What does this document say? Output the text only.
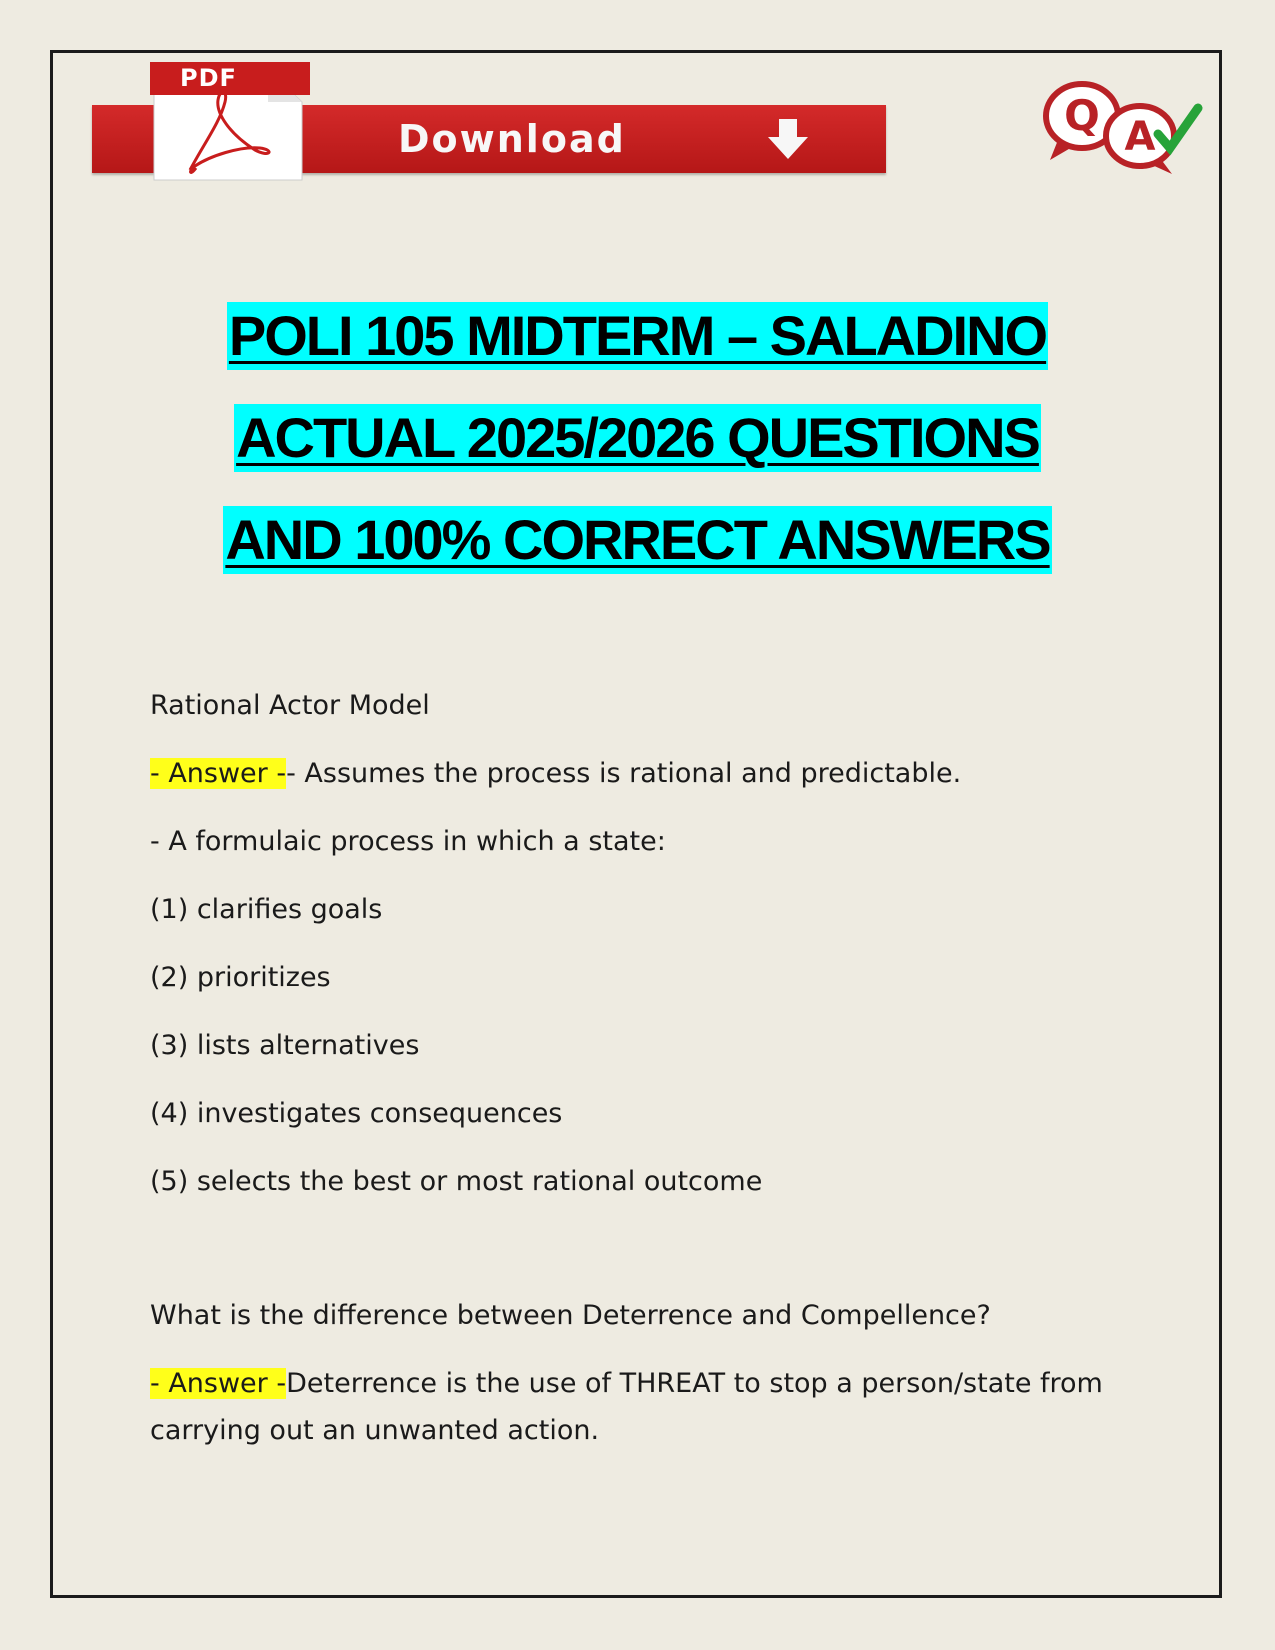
Download
PDF
Q A
POLI 105 MIDTERM – SALADINO
ACTUAL 2025/2026 QUESTIONS
AND 100% CORRECT ANSWERS

Rational Actor Model

- Answer -- Assumes the process is rational and predictable.

- A formulaic process in which a state:

(1) clarifies goals

(2) prioritizes

(3) lists alternatives

(4) investigates consequences

(5) selects the best or most rational outcome

What is the difference between Deterrence and Compellence?

- Answer -Deterrence is the use of THREAT to stop a person/state from carrying out an unwanted action.
